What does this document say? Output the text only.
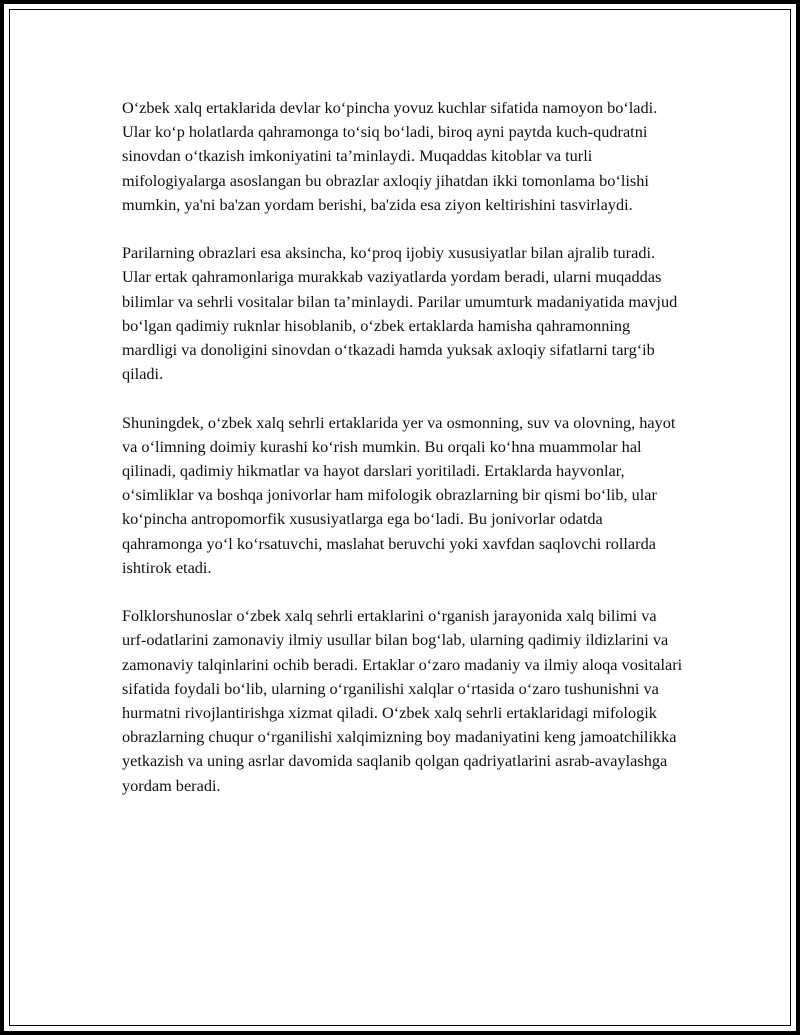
O‘zbek xalq ertaklarida devlar ko‘pincha yovuz kuchlar sifatida namoyon bo‘ladi. Ular ko‘p holatlarda qahramonga to‘siq bo‘ladi, biroq ayni paytda kuch-qudratni sinovdan o‘tkazish imkoniyatini ta’minlaydi. Muqaddas kitoblar va turli mifologiyalarga asoslangan bu obrazlar axloqiy jihatdan ikki tomonlama bo‘lishi mumkin, ya'ni ba'zan yordam berishi, ba'zida esa ziyon keltirishini tasvirlaydi.

Parilarning obrazlari esa aksincha, ko‘proq ijobiy xususiyatlar bilan ajralib turadi. Ular ertak qahramonlariga murakkab vaziyatlarda yordam beradi, ularni muqaddas bilimlar va sehrli vositalar bilan ta’minlaydi. Parilar umumturk madaniyatida mavjud bo‘lgan qadimiy ruknlar hisoblanib, o‘zbek ertaklarda hamisha qahramonning mardligi va donoligini sinovdan o‘tkazadi hamda yuksak axloqiy sifatlarni targ‘ib qiladi.

Shuningdek, o‘zbek xalq sehrli ertaklarida yer va osmonning, suv va olovning, hayot va o‘limning doimiy kurashi ko‘rish mumkin. Bu orqali ko‘hna muammolar hal qilinadi, qadimiy hikmatlar va hayot darslari yoritiladi. Ertaklarda hayvonlar, o‘simliklar va boshqa jonivorlar ham mifologik obrazlarning bir qismi bo‘lib, ular ko‘pincha antropomorfik xususiyatlarga ega bo‘ladi. Bu jonivorlar odatda qahramonga yo‘l ko‘rsatuvchi, maslahat beruvchi yoki xavfdan saqlovchi rollarda ishtirok etadi.

Folklorshunoslar o‘zbek xalq sehrli ertaklarini o‘rganish jarayonida xalq bilimi va urf-odatlarini zamonaviy ilmiy usullar bilan bog‘lab, ularning qadimiy ildizlarini va zamonaviy talqinlarini ochib beradi. Ertaklar o‘zaro madaniy va ilmiy aloqa vositalari sifatida foydali bo‘lib, ularning o‘rganilishi xalqlar o‘rtasida o‘zaro tushunishni va hurmatni rivojlantirishga xizmat qiladi. O‘zbek xalq sehrli ertaklaridagi mifologik obrazlarning chuqur o‘rganilishi xalqimizning boy madaniyatini keng jamoatchilikka yetkazish va uning asrlar davomida saqlanib qolgan qadriyatlarini asrab-avaylashga yordam beradi.
